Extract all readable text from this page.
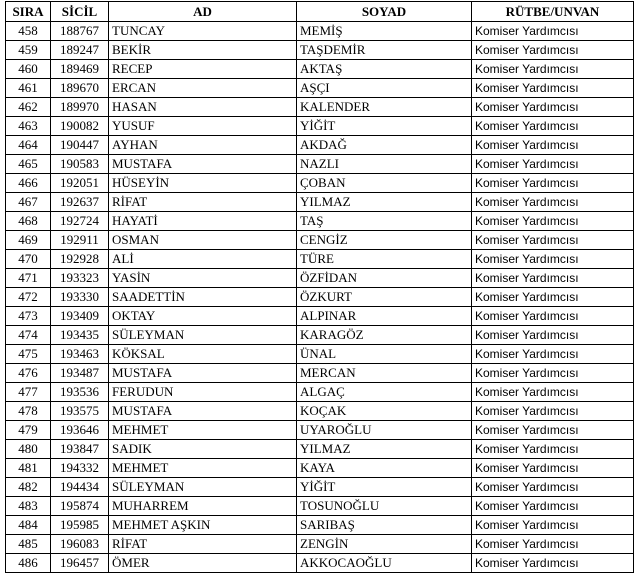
SIRA	SİCİL	AD	SOYAD	RÜTBE/UNVAN
458	188767	TUNCAY	MEMİŞ	Komiser Yardımcısı
459	189247	BEKİR	TAŞDEMİR	Komiser Yardımcısı
460	189469	RECEP	AKTAŞ	Komiser Yardımcısı
461	189670	ERCAN	AŞÇI	Komiser Yardımcısı
462	189970	HASAN	KALENDER	Komiser Yardımcısı
463	190082	YUSUF	YİĞİT	Komiser Yardımcısı
464	190447	AYHAN	AKDAĞ	Komiser Yardımcısı
465	190583	MUSTAFA	NAZLI	Komiser Yardımcısı
466	192051	HÜSEYİN	ÇOBAN	Komiser Yardımcısı
467	192637	RİFAT	YILMAZ	Komiser Yardımcısı
468	192724	HAYATİ	TAŞ	Komiser Yardımcısı
469	192911	OSMAN	CENGİZ	Komiser Yardımcısı
470	192928	ALİ	TÜRE	Komiser Yardımcısı
471	193323	YASİN	ÖZFİDAN	Komiser Yardımcısı
472	193330	SAADETTİN	ÖZKURT	Komiser Yardımcısı
473	193409	OKTAY	ALPINAR	Komiser Yardımcısı
474	193435	SÜLEYMAN	KARAGÖZ	Komiser Yardımcısı
475	193463	KÖKSAL	ÜNAL	Komiser Yardımcısı
476	193487	MUSTAFA	MERCAN	Komiser Yardımcısı
477	193536	FERUDUN	ALGAÇ	Komiser Yardımcısı
478	193575	MUSTAFA	KOÇAK	Komiser Yardımcısı
479	193646	MEHMET	UYAROĞLU	Komiser Yardımcısı
480	193847	SADIK	YILMAZ	Komiser Yardımcısı
481	194332	MEHMET	KAYA	Komiser Yardımcısı
482	194434	SÜLEYMAN	YİĞİT	Komiser Yardımcısı
483	195874	MUHARREM	TOSUNOĞLU	Komiser Yardımcısı
484	195985	MEHMET AŞKIN	SARIBAŞ	Komiser Yardımcısı
485	196083	RİFAT	ZENGİN	Komiser Yardımcısı
486	196457	ÖMER	AKKOCAOĞLU	Komiser Yardımcısı
